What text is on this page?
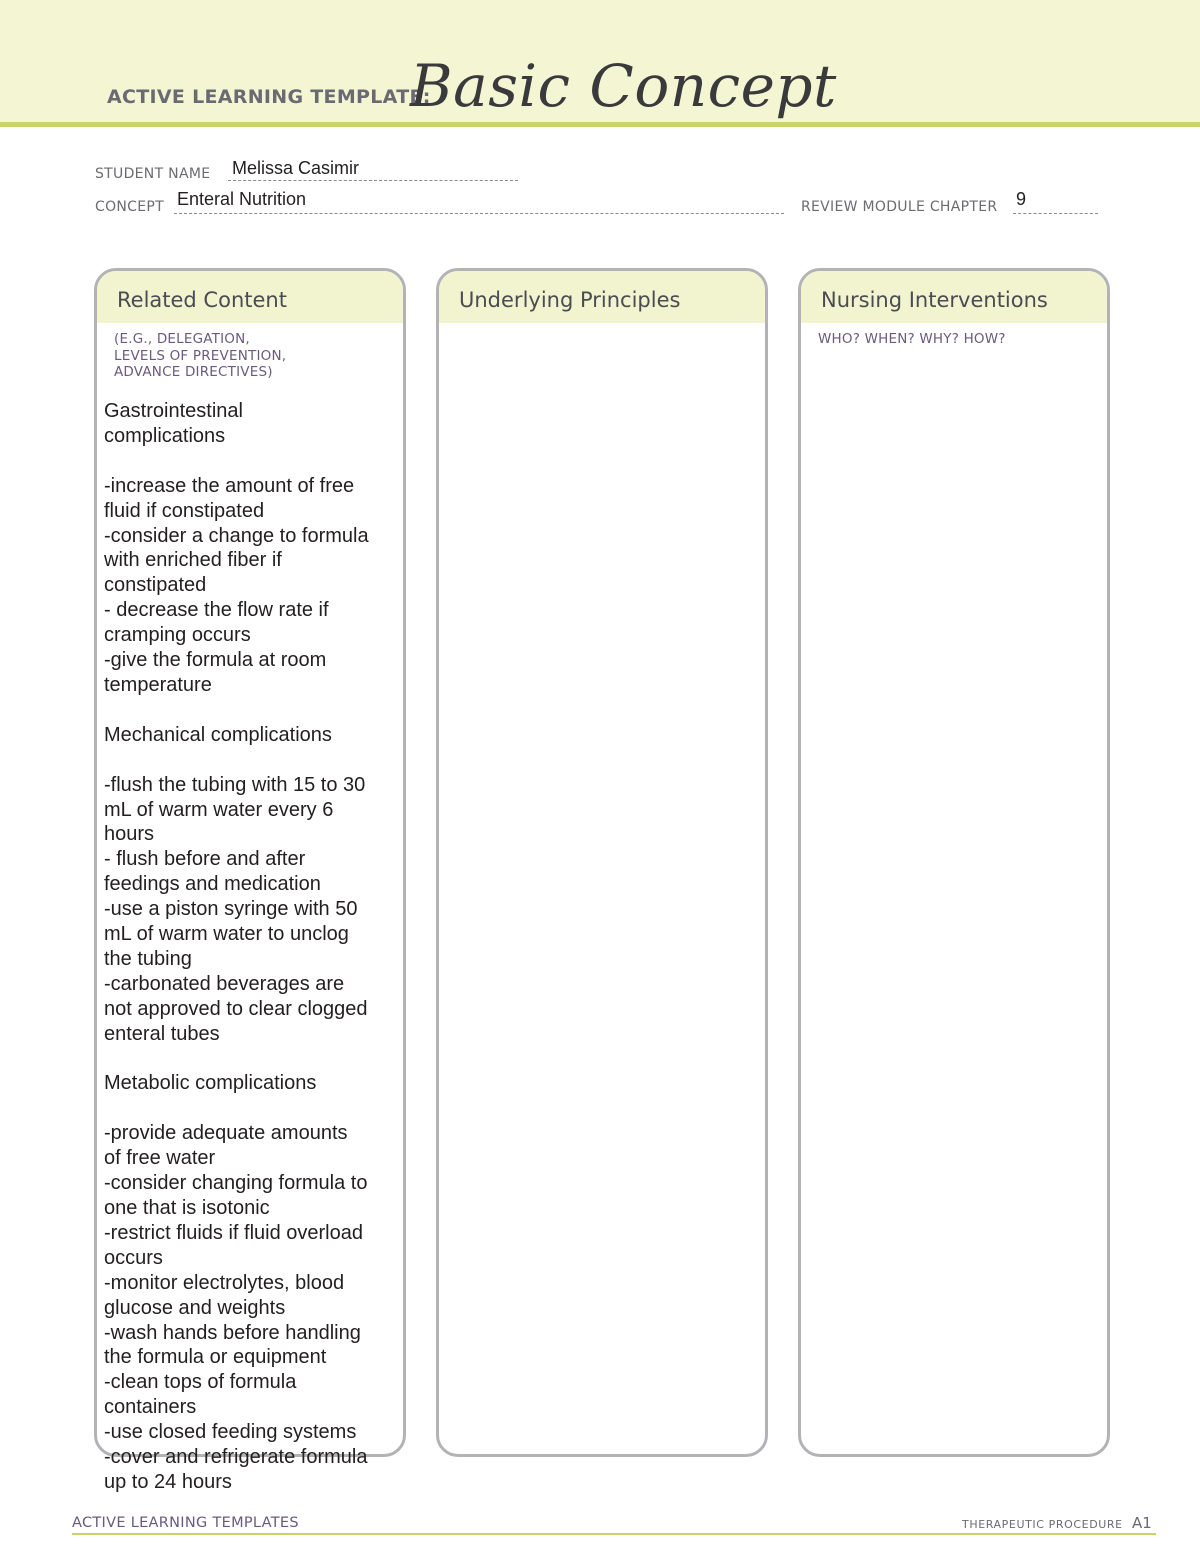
ACTIVE LEARNING TEMPLATE:
Basic Concept
STUDENT NAME Melissa Casimir
CONCEPT Enteral Nutrition	REVIEW MODULE CHAPTER 9
Related Content
(E.G., DELEGATION,
LEVELS OF PREVENTION,
ADVANCE DIRECTIVES)
Gastrointestinal
complications

-increase the amount of free
fluid if constipated
-consider a change to formula
with enriched fiber if
constipated
- decrease the flow rate if
cramping occurs
-give the formula at room
temperature

Mechanical complications

-flush the tubing with 15 to 30
mL of warm water every 6
hours
- flush before and after
feedings and medication
-use a piston syringe with 50
mL of warm water to unclog
the tubing
-carbonated beverages are
not approved to clear clogged
enteral tubes

Metabolic complications

-provide adequate amounts
of free water
-consider changing formula to
one that is isotonic
-restrict fluids if fluid overload
occurs
-monitor electrolytes, blood
glucose and weights
-wash hands before handling
the formula or equipment
-clean tops of formula
containers
-use closed feeding systems
-cover and refrigerate formula
up to 24 hours
Underlying Principles	Nursing Interventions
WHO? WHEN? WHY? HOW?
ACTIVE LEARNING TEMPLATES	THERAPEUTIC PROCEDURE A1
